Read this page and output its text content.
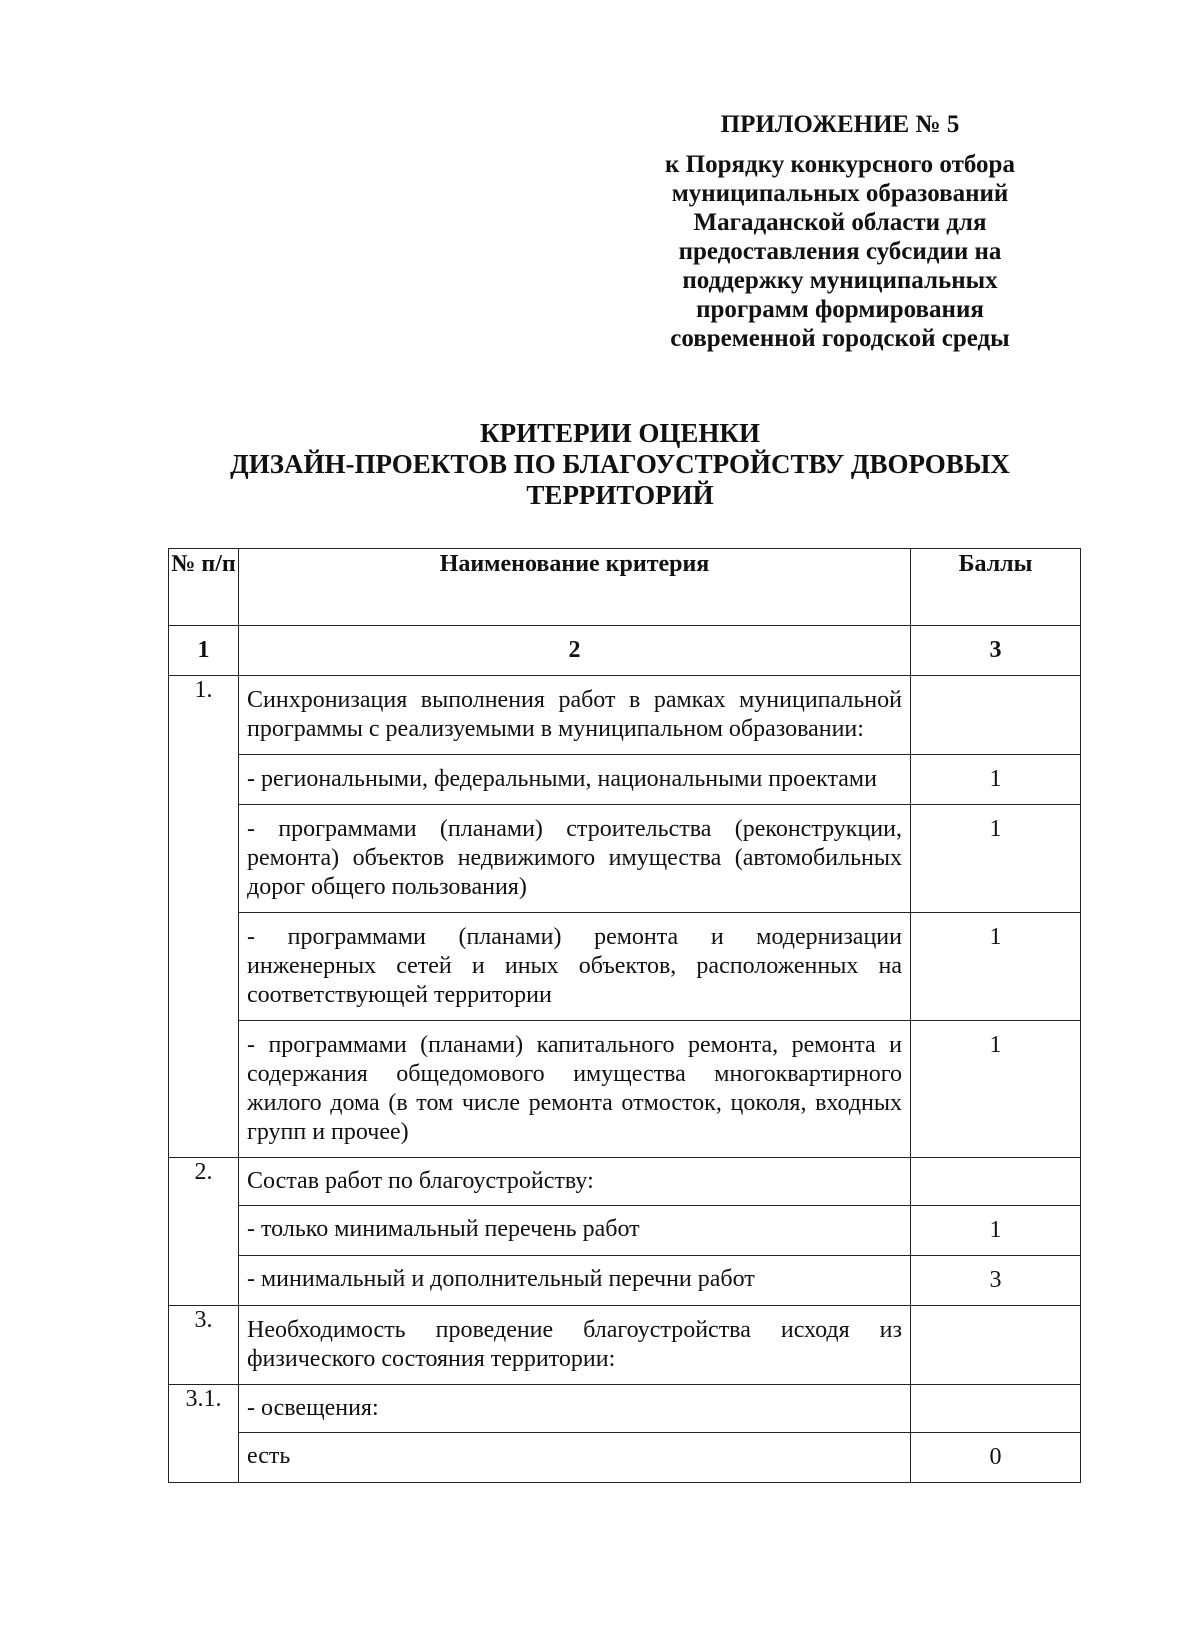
ПРИЛОЖЕНИЕ № 5
к Порядку конкурсного отбора
муниципальных образований
Магаданской области для
предоставления субсидии на
поддержку муниципальных
программ формирования
современной городской среды
КРИТЕРИИ ОЦЕНКИ
ДИЗАЙН-ПРОЕКТОВ ПО БЛАГОУСТРОЙСТВУ ДВОРОВЫХ
ТЕРРИТОРИЙ
№ п/п	Наименование критерия	Баллы
1	2	3
1.	Синхронизация выполнения работ в рамках муниципальной программы с реализуемыми в муниципальном образовании:	
	- региональными, федеральными, национальными проектами	1
	- программами (планами) строительства (реконструкции, ремонта) объектов недвижимого имущества (автомобильных дорог общего пользования)	1
	- программами (планами) ремонта и модернизации инженерных сетей и иных объектов, расположенных на соответствующей территории	1
	- программами (планами) капитального ремонта, ремонта и содержания общедомового имущества многоквартирного жилого дома (в том числе ремонта отмосток, цоколя, входных групп и прочее)	1
2.	Состав работ по благоустройству:	
	- только минимальный перечень работ	1
	- минимальный и дополнительный перечни работ	3
3.	Необходимость проведение благоустройства исходя из физического состояния территории:	
3.1.	- освещения:	
	есть	0
